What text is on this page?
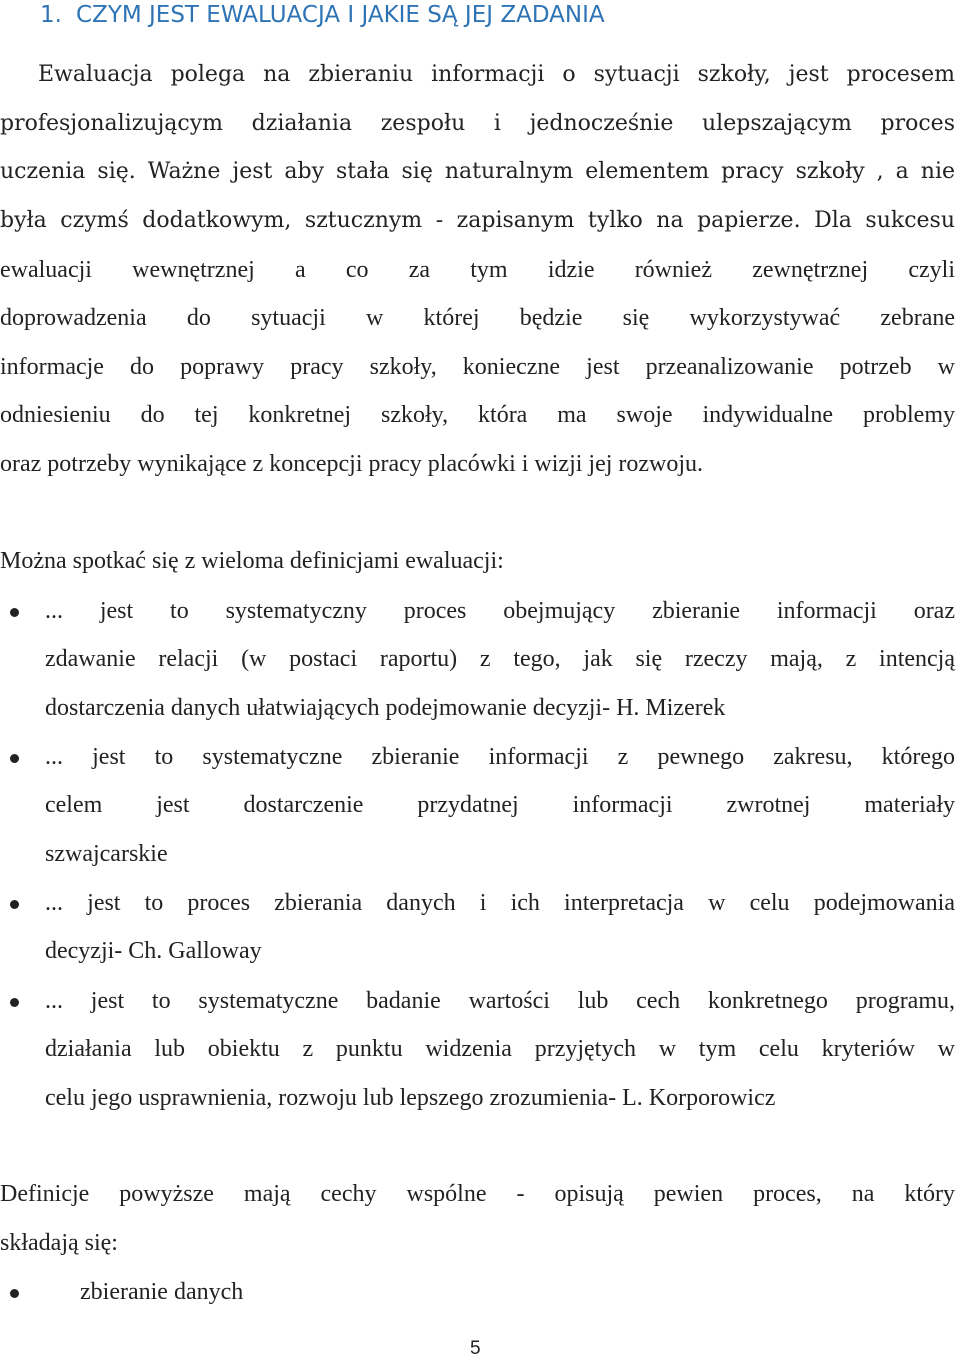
1. CZYM JEST EWALUACJA I JAKIE SĄ JEJ ZADANIA
Ewaluacja polega na zbieraniu informacji o sytuacji szkoły, jest procesem
profesjonalizującym działania zespołu i jednocześnie ulepszającym proces
uczenia się. Ważne jest aby stała się naturalnym elementem pracy szkoły , a nie
była czymś dodatkowym, sztucznym - zapisanym tylko na papierze. Dla sukcesu
ewaluacji wewnętrznej a co za tym idzie również zewnętrznej czyli
doprowadzenia do sytuacji w której będzie się wykorzystywać zebrane
informacje do poprawy pracy szkoły, konieczne jest przeanalizowanie potrzeb w
odniesieniu do tej konkretnej szkoły, która ma swoje indywidualne problemy
oraz potrzeby wynikające z koncepcji pracy placówki i wizji jej rozwoju.
Można spotkać się z wieloma definicjami ewaluacji:
... jest to systematyczny proces obejmujący zbieranie informacji oraz
zdawanie relacji (w postaci raportu) z tego, jak się rzeczy mają, z intencją
dostarczenia danych ułatwiających podejmowanie decyzji- H. Mizerek
... jest to systematyczne zbieranie informacji z pewnego zakresu, którego
celem jest dostarczenie przydatnej informacji zwrotnej materiały
szwajcarskie
... jest to proces zbierania danych i ich interpretacja w celu podejmowania
decyzji- Ch. Galloway
... jest to systematyczne badanie wartości lub cech konkretnego programu,
działania lub obiektu z punktu widzenia przyjętych w tym celu kryteriów w
celu jego usprawnienia, rozwoju lub lepszego zrozumienia- L. Korporowicz
Definicje powyższe mają cechy wspólne - opisują pewien proces, na który
składają się:
zbieranie danych
5
